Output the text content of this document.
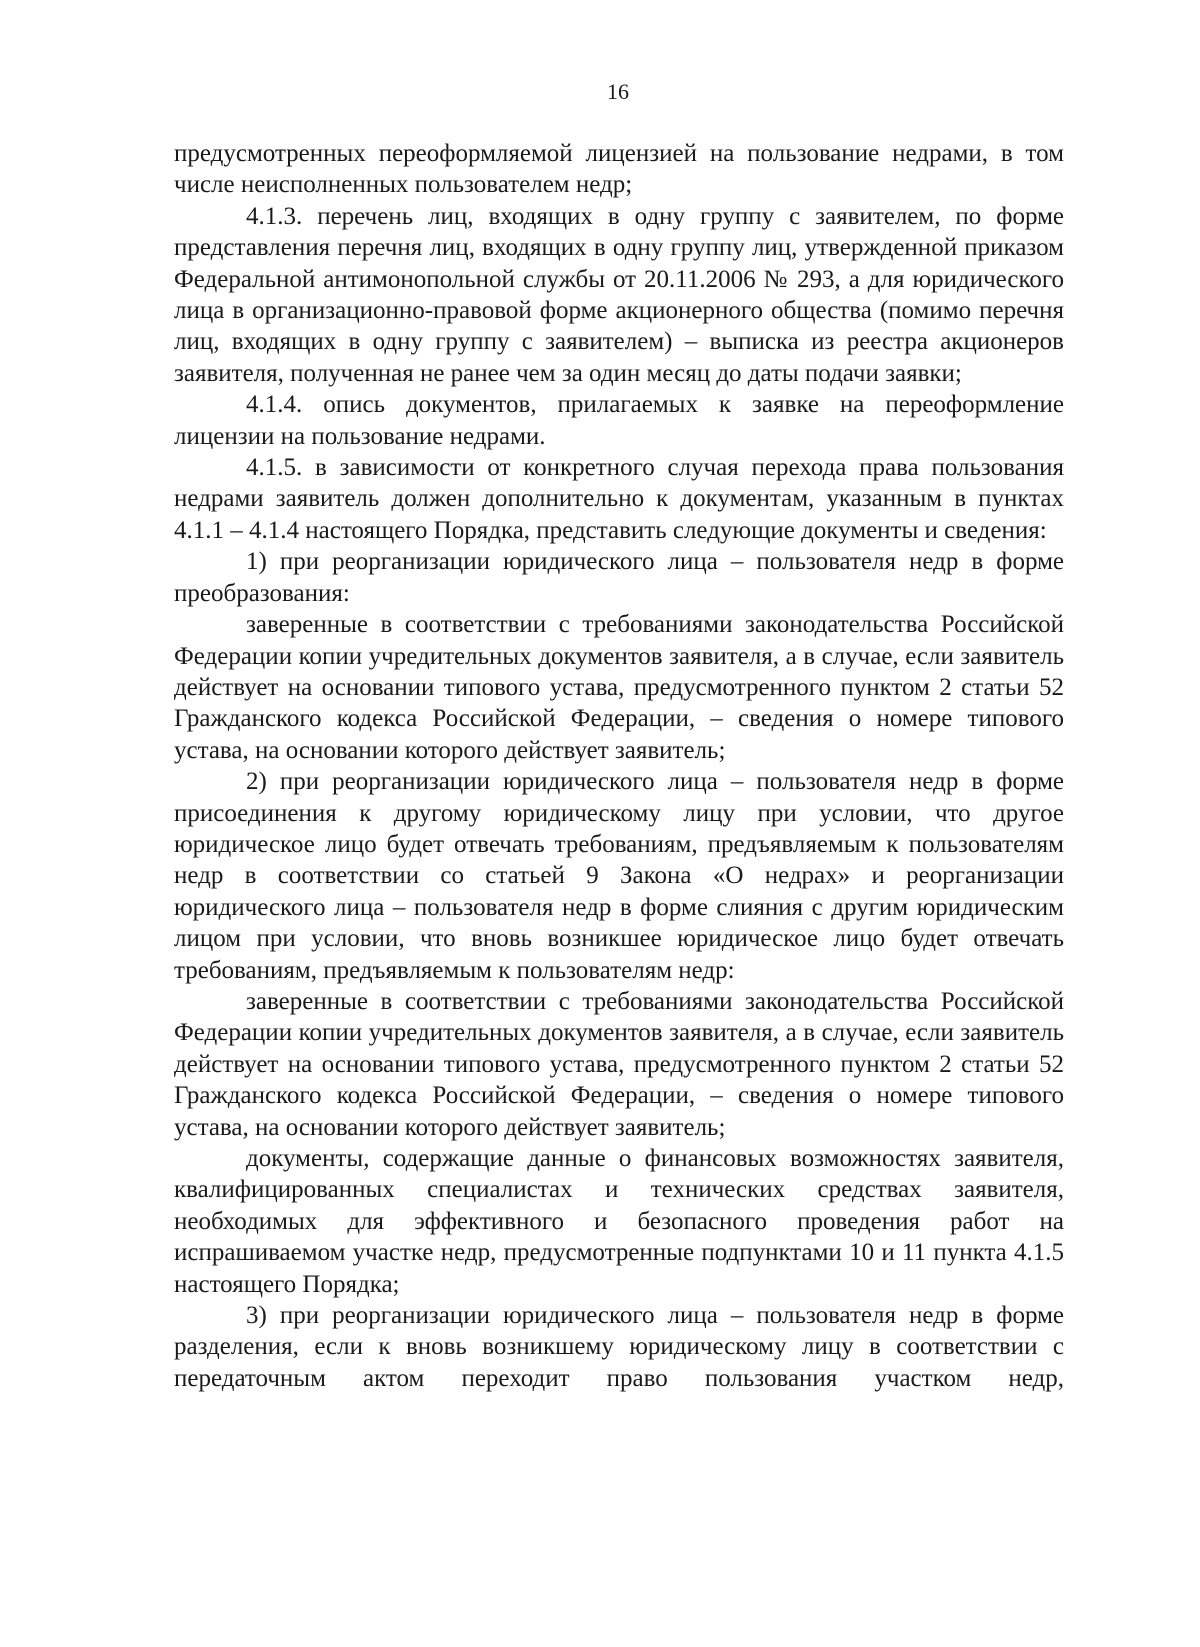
16

предусмотренных переоформляемой лицензией на пользование недрами, в том числе неисполненных пользователем недр;

4.1.3. перечень лиц, входящих в одну группу с заявителем, по форме представления перечня лиц, входящих в одну группу лиц, утвержденной приказом Федеральной антимонопольной службы от 20.11.2006 № 293, а для юридического лица в организационно-правовой форме акционерного общества (помимо перечня лиц, входящих в одну группу с заявителем) – выписка из реестра акционеров заявителя, полученная не ранее чем за один месяц до даты подачи заявки;

4.1.4. опись документов, прилагаемых к заявке на переоформление лицензии на пользование недрами.

4.1.5. в зависимости от конкретного случая перехода права пользования недрами заявитель должен дополнительно к документам, указанным в пунктах 4.1.1 – 4.1.4 настоящего Порядка, представить следующие документы и сведения:

1) при реорганизации юридического лица – пользователя недр в форме преобразования:

заверенные в соответствии с требованиями законодательства Российской Федерации копии учредительных документов заявителя, а в случае, если заявитель действует на основании типового устава, предусмотренного пунктом 2 статьи 52 Гражданского кодекса Российской Федерации, – сведения о номере типового устава, на основании которого действует заявитель;

2) при реорганизации юридического лица – пользователя недр в форме присоединения к другому юридическому лицу при условии, что другое юридическое лицо будет отвечать требованиям, предъявляемым к пользователям недр в соответствии со статьей 9 Закона «О недрах» и реорганизации юридического лица – пользователя недр в форме слияния с другим юридическим лицом при условии, что вновь возникшее юридическое лицо будет отвечать требованиям, предъявляемым к пользователям недр:

заверенные в соответствии с требованиями законодательства Российской Федерации копии учредительных документов заявителя, а в случае, если заявитель действует на основании типового устава, предусмотренного пунктом 2 статьи 52 Гражданского кодекса Российской Федерации, – сведения о номере типового устава, на основании которого действует заявитель;

документы, содержащие данные о финансовых возможностях заявителя, квалифицированных специалистах и технических средствах заявителя, необходимых для эффективного и безопасного проведения работ на испрашиваемом участке недр, предусмотренные подпунктами 10 и 11 пункта 4.1.5 настоящего Порядка;

3) при реорганизации юридического лица – пользователя недр в форме разделения, если к вновь возникшему юридическому лицу в соответствии с передаточным актом переходит право пользования участком недр,
